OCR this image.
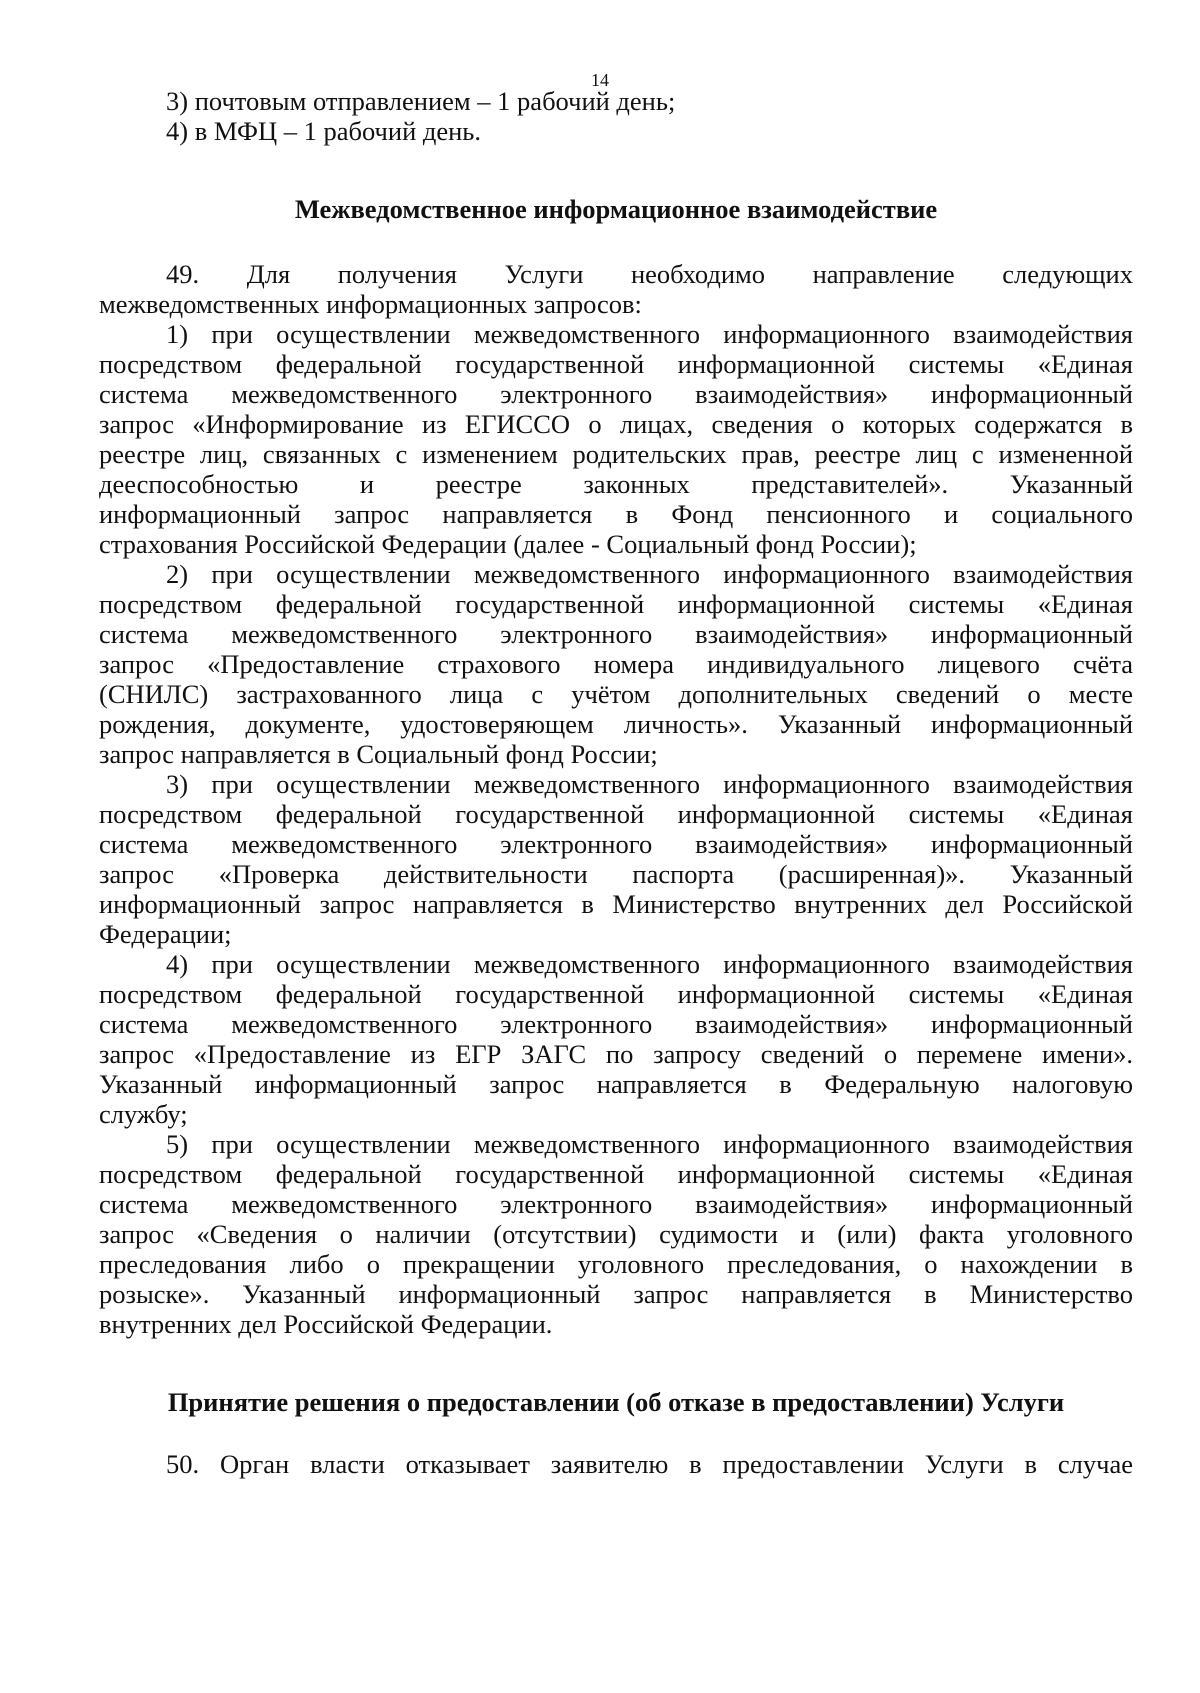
14
3) почтовым отправлением – 1 рабочий день;
4) в МФЦ – 1 рабочий день.
Межведомственное информационное взаимодействие
49. Для получения Услуги необходимо направление следующих
межведомственных информационных запросов:
1) при осуществлении межведомственного информационного взаимодействия
посредством федеральной государственной информационной системы «Единая
система межведомственного электронного взаимодействия» информационный
запрос «Информирование из ЕГИССО о лицах, сведения о которых содержатся в
реестре лиц, связанных с изменением родительских прав, реестре лиц с измененной
дееспособностью и реестре законных представителей». Указанный
информационный запрос направляется в Фонд пенсионного и социального
страхования Российской Федерации (далее - Социальный фонд России);
2) при осуществлении межведомственного информационного взаимодействия
посредством федеральной государственной информационной системы «Единая
система межведомственного электронного взаимодействия» информационный
запрос «Предоставление страхового номера индивидуального лицевого счёта
(СНИЛС) застрахованного лица с учётом дополнительных сведений о месте
рождения, документе, удостоверяющем личность». Указанный информационный
запрос направляется в Социальный фонд России;
3) при осуществлении межведомственного информационного взаимодействия
посредством федеральной государственной информационной системы «Единая
система межведомственного электронного взаимодействия» информационный
запрос «Проверка действительности паспорта (расширенная)». Указанный
информационный запрос направляется в Министерство внутренних дел Российской
Федерации;
4) при осуществлении межведомственного информационного взаимодействия
посредством федеральной государственной информационной системы «Единая
система межведомственного электронного взаимодействия» информационный
запрос «Предоставление из ЕГР ЗАГС по запросу сведений о перемене имени».
Указанный информационный запрос направляется в Федеральную налоговую
службу;
5) при осуществлении межведомственного информационного взаимодействия
посредством федеральной государственной информационной системы «Единая
система межведомственного электронного взаимодействия» информационный
запрос «Сведения о наличии (отсутствии) судимости и (или) факта уголовного
преследования либо о прекращении уголовного преследования, о нахождении в
розыске». Указанный информационный запрос направляется в Министерство
внутренних дел Российской Федерации.
Принятие решения о предоставлении (об отказе в предоставлении) Услуги
50. Орган власти отказывает заявителю в предоставлении Услуги в случае
